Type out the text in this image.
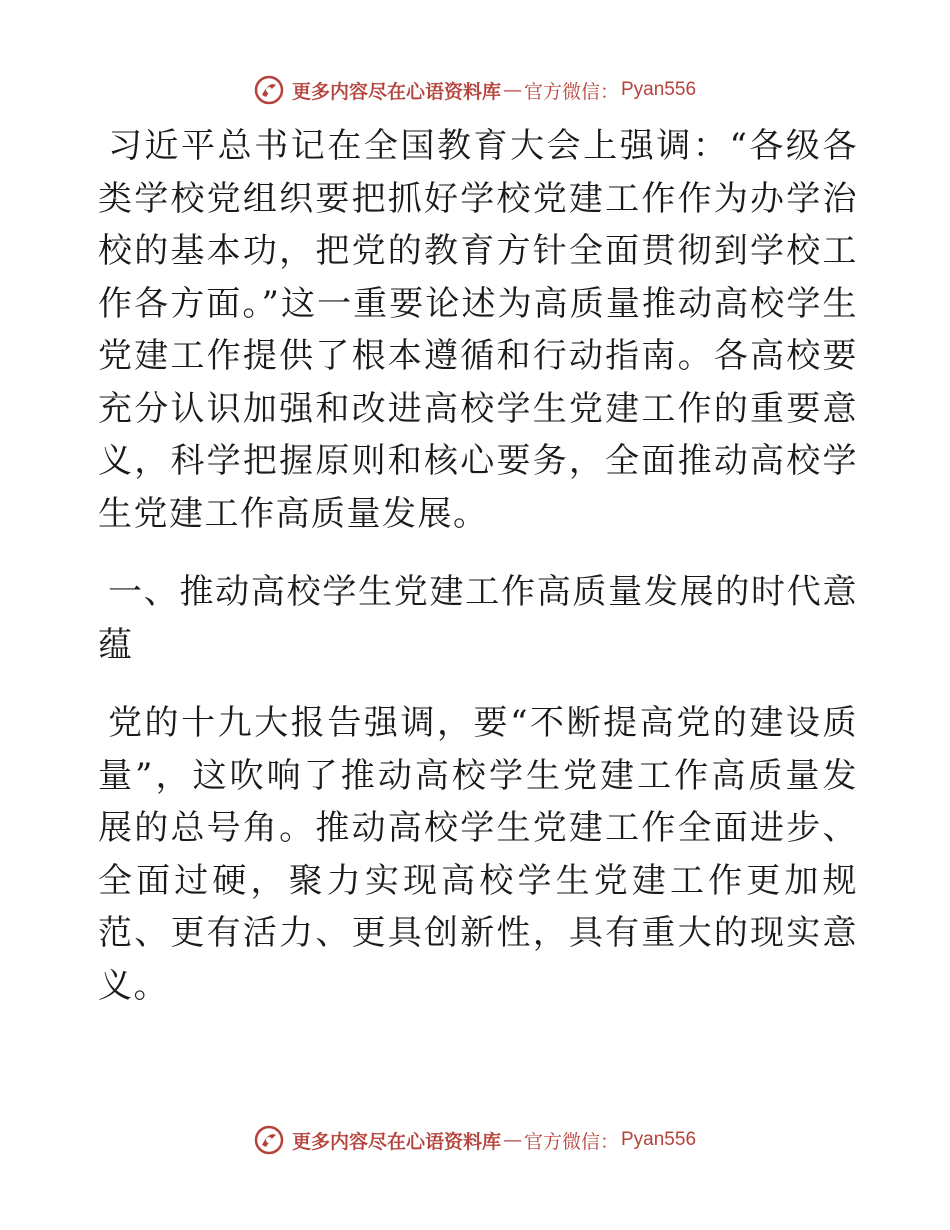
更多内容尽在心语资料库 — 官方微信： Pyan556

习近平总书记在全国教育大会上强调：“各级各类学校党组织要把抓好学校党建工作作为办学治校的基本功，把党的教育方针全面贯彻到学校工作各方面。”这一重要论述为高质量推动高校学生党建工作提供了根本遵循和行动指南。各高校要充分认识加强和改进高校学生党建工作的重要意义，科学把握原则和核心要务，全面推动高校学生党建工作高质量发展。

一、推动高校学生党建工作高质量发展的时代意蕴

党的十九大报告强调，要“不断提高党的建设质量”，这吹响了推动高校学生党建工作高质量发展的总号角。推动高校学生党建工作全面进步、全面过硬，聚力实现高校学生党建工作更加规范、更有活力、更具创新性，具有重大的现实意义。

更多内容尽在心语资料库 — 官方微信： Pyan556
